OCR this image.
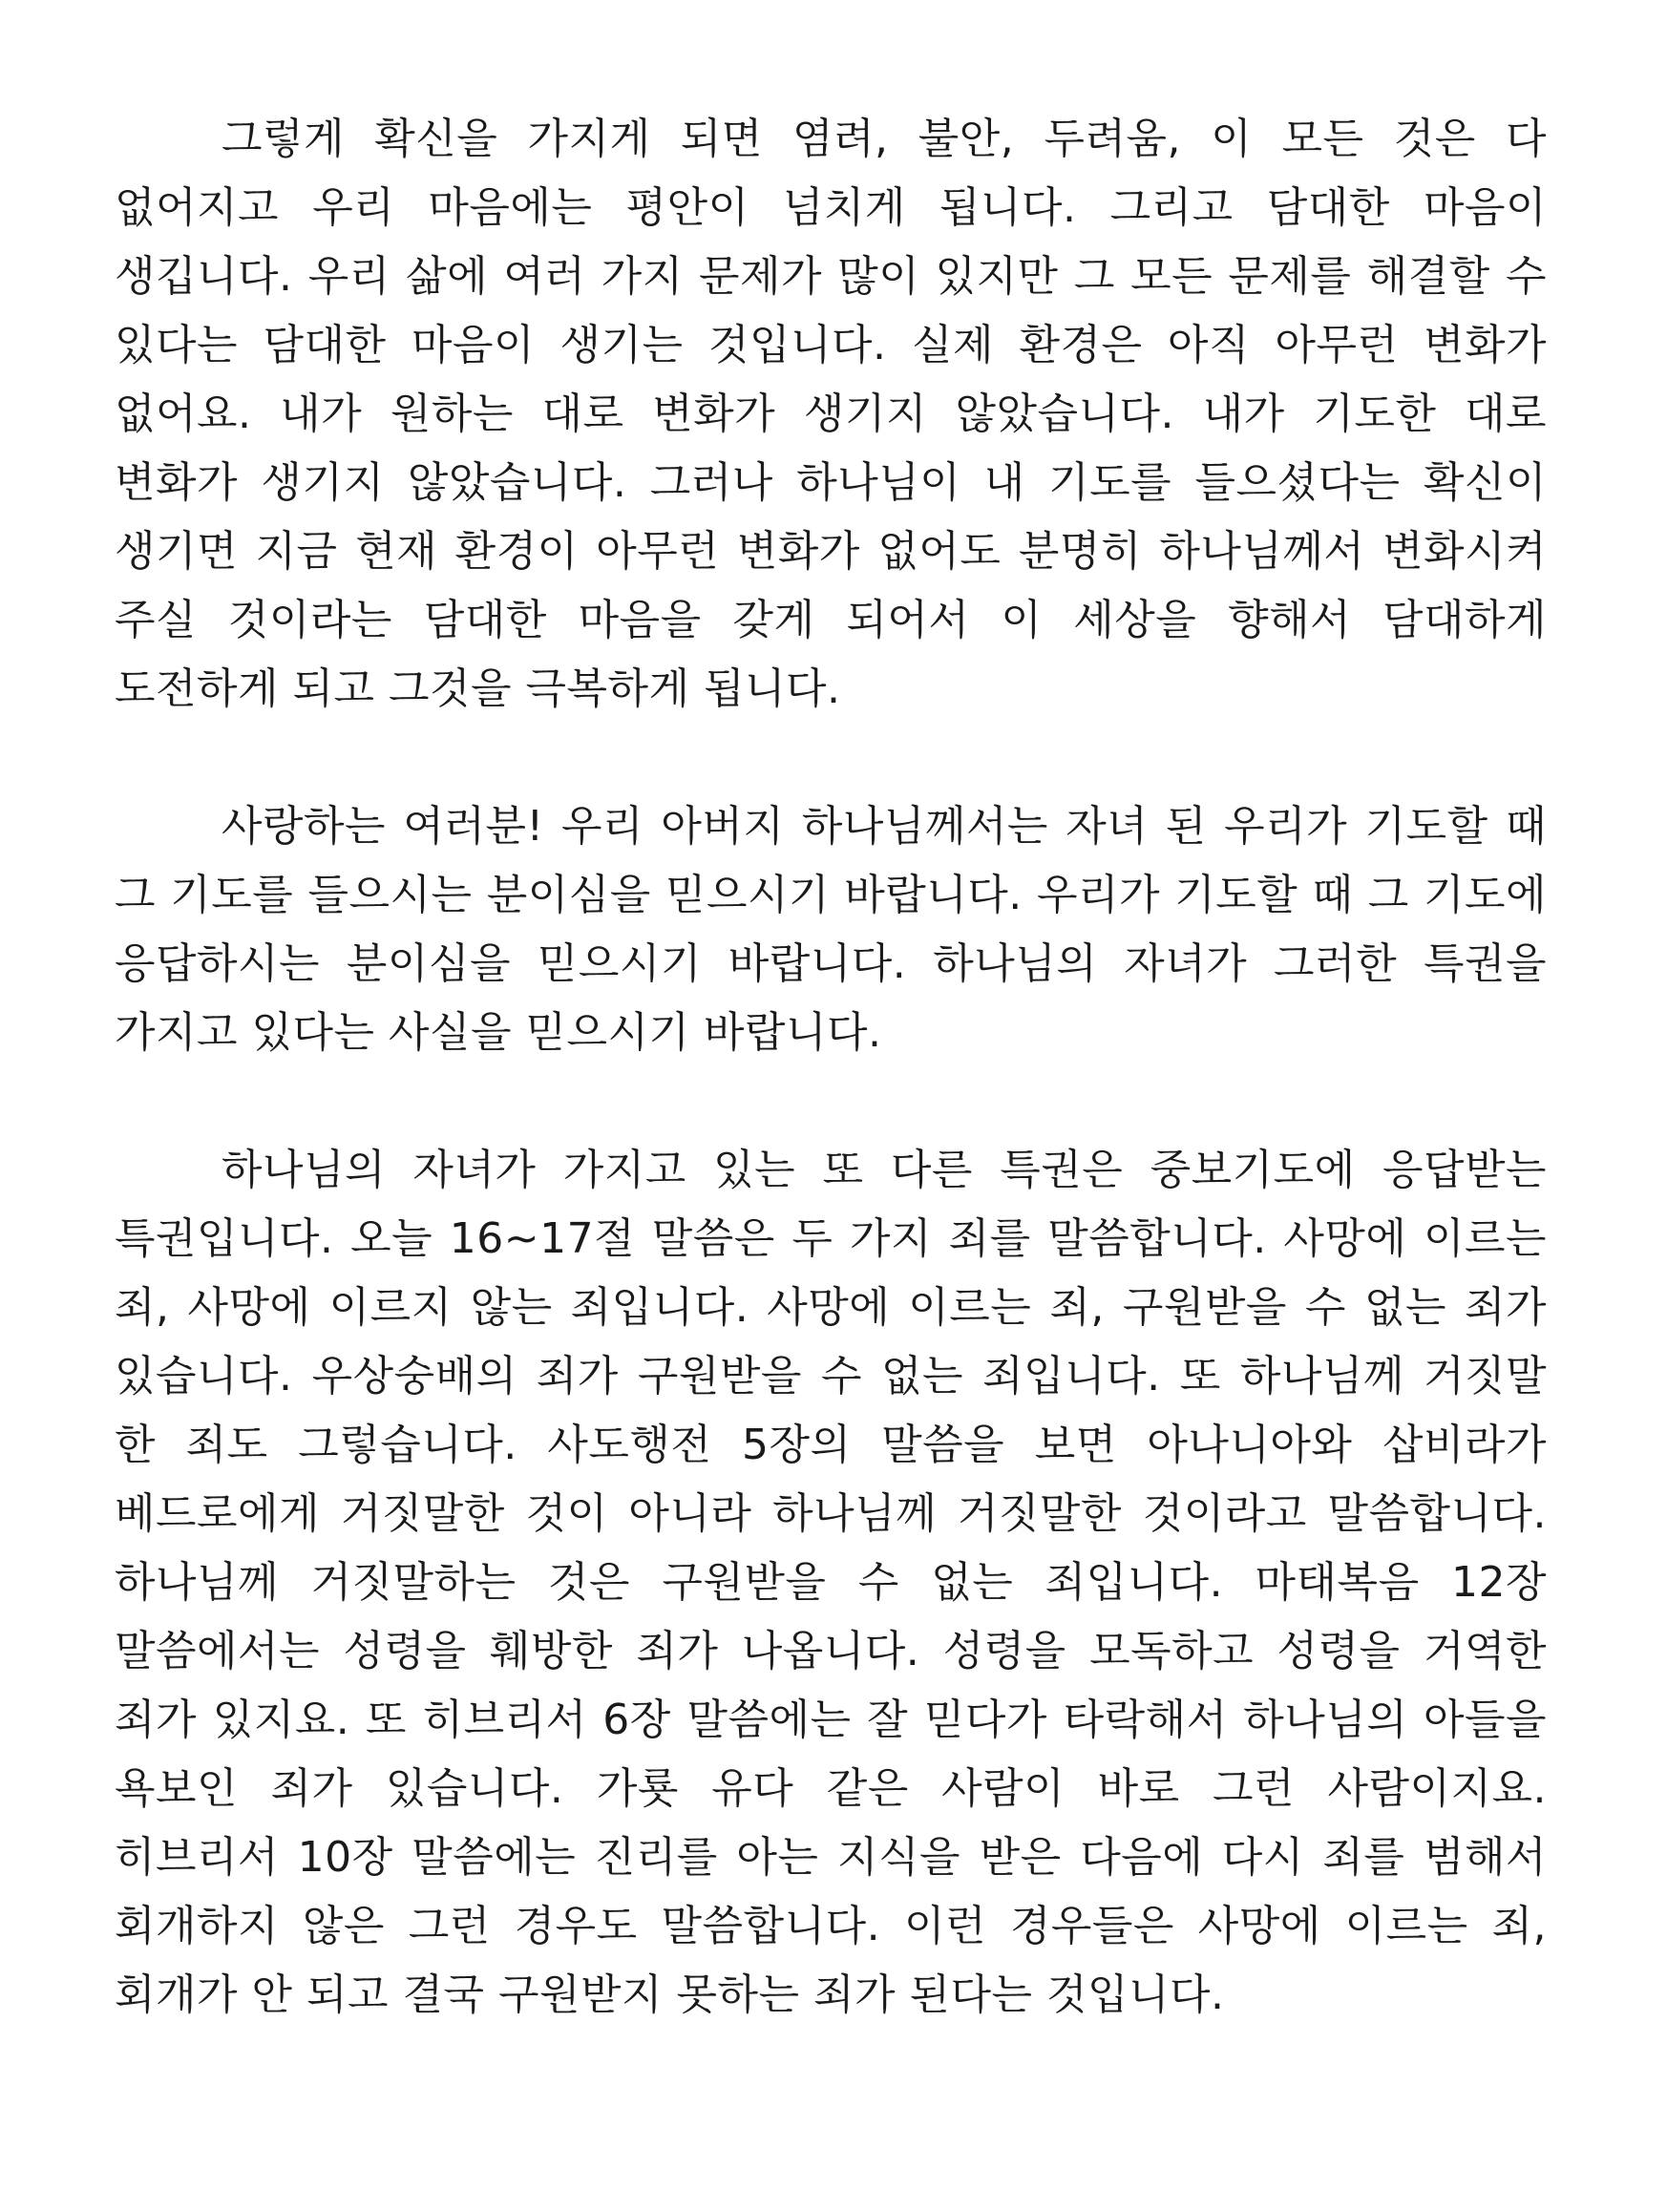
그렇게 확신을 가지게 되면 염려, 불안, 두려움, 이 모든 것은 다 없어지고 우리 마음에는 평안이 넘치게 됩니다. 그리고 담대한 마음이 생깁니다. 우리 삶에 여러 가지 문제가 많이 있지만 그 모든 문제를 해결할 수 있다는 담대한 마음이 생기는 것입니다. 실제 환경은 아직 아무런 변화가 없어요. 내가 원하는 대로 변화가 생기지 않았습니다. 내가 기도한 대로 변화가 생기지 않았습니다. 그러나 하나님이 내 기도를 들으셨다는 확신이 생기면 지금 현재 환경이 아무런 변화가 없어도 분명히 하나님께서 변화시켜 주실 것이라는 담대한 마음을 갖게 되어서 이 세상을 향해서 담대하게 도전하게 되고 그것을 극복하게 됩니다.

사랑하는 여러분! 우리 아버지 하나님께서는 자녀 된 우리가 기도할 때 그 기도를 들으시는 분이심을 믿으시기 바랍니다. 우리가 기도할 때 그 기도에 응답하시는 분이심을 믿으시기 바랍니다. 하나님의 자녀가 그러한 특권을 가지고 있다는 사실을 믿으시기 바랍니다.

하나님의 자녀가 가지고 있는 또 다른 특권은 중보기도에 응답받는 특권입니다. 오늘 16~17절 말씀은 두 가지 죄를 말씀합니다. 사망에 이르는 죄, 사망에 이르지 않는 죄입니다. 사망에 이르는 죄, 구원받을 수 없는 죄가 있습니다. 우상숭배의 죄가 구원받을 수 없는 죄입니다. 또 하나님께 거짓말 한 죄도 그렇습니다. 사도행전 5장의 말씀을 보면 아나니아와 삽비라가 베드로에게 거짓말한 것이 아니라 하나님께 거짓말한 것이라고 말씀합니다. 하나님께 거짓말하는 것은 구원받을 수 없는 죄입니다. 마태복음 12장 말씀에서는 성령을 훼방한 죄가 나옵니다. 성령을 모독하고 성령을 거역한 죄가 있지요. 또 히브리서 6장 말씀에는 잘 믿다가 타락해서 하나님의 아들을 욕보인 죄가 있습니다. 가룟 유다 같은 사람이 바로 그런 사람이지요. 히브리서 10장 말씀에는 진리를 아는 지식을 받은 다음에 다시 죄를 범해서 회개하지 않은 그런 경우도 말씀합니다. 이런 경우들은 사망에 이르는 죄, 회개가 안 되고 결국 구원받지 못하는 죄가 된다는 것입니다.
